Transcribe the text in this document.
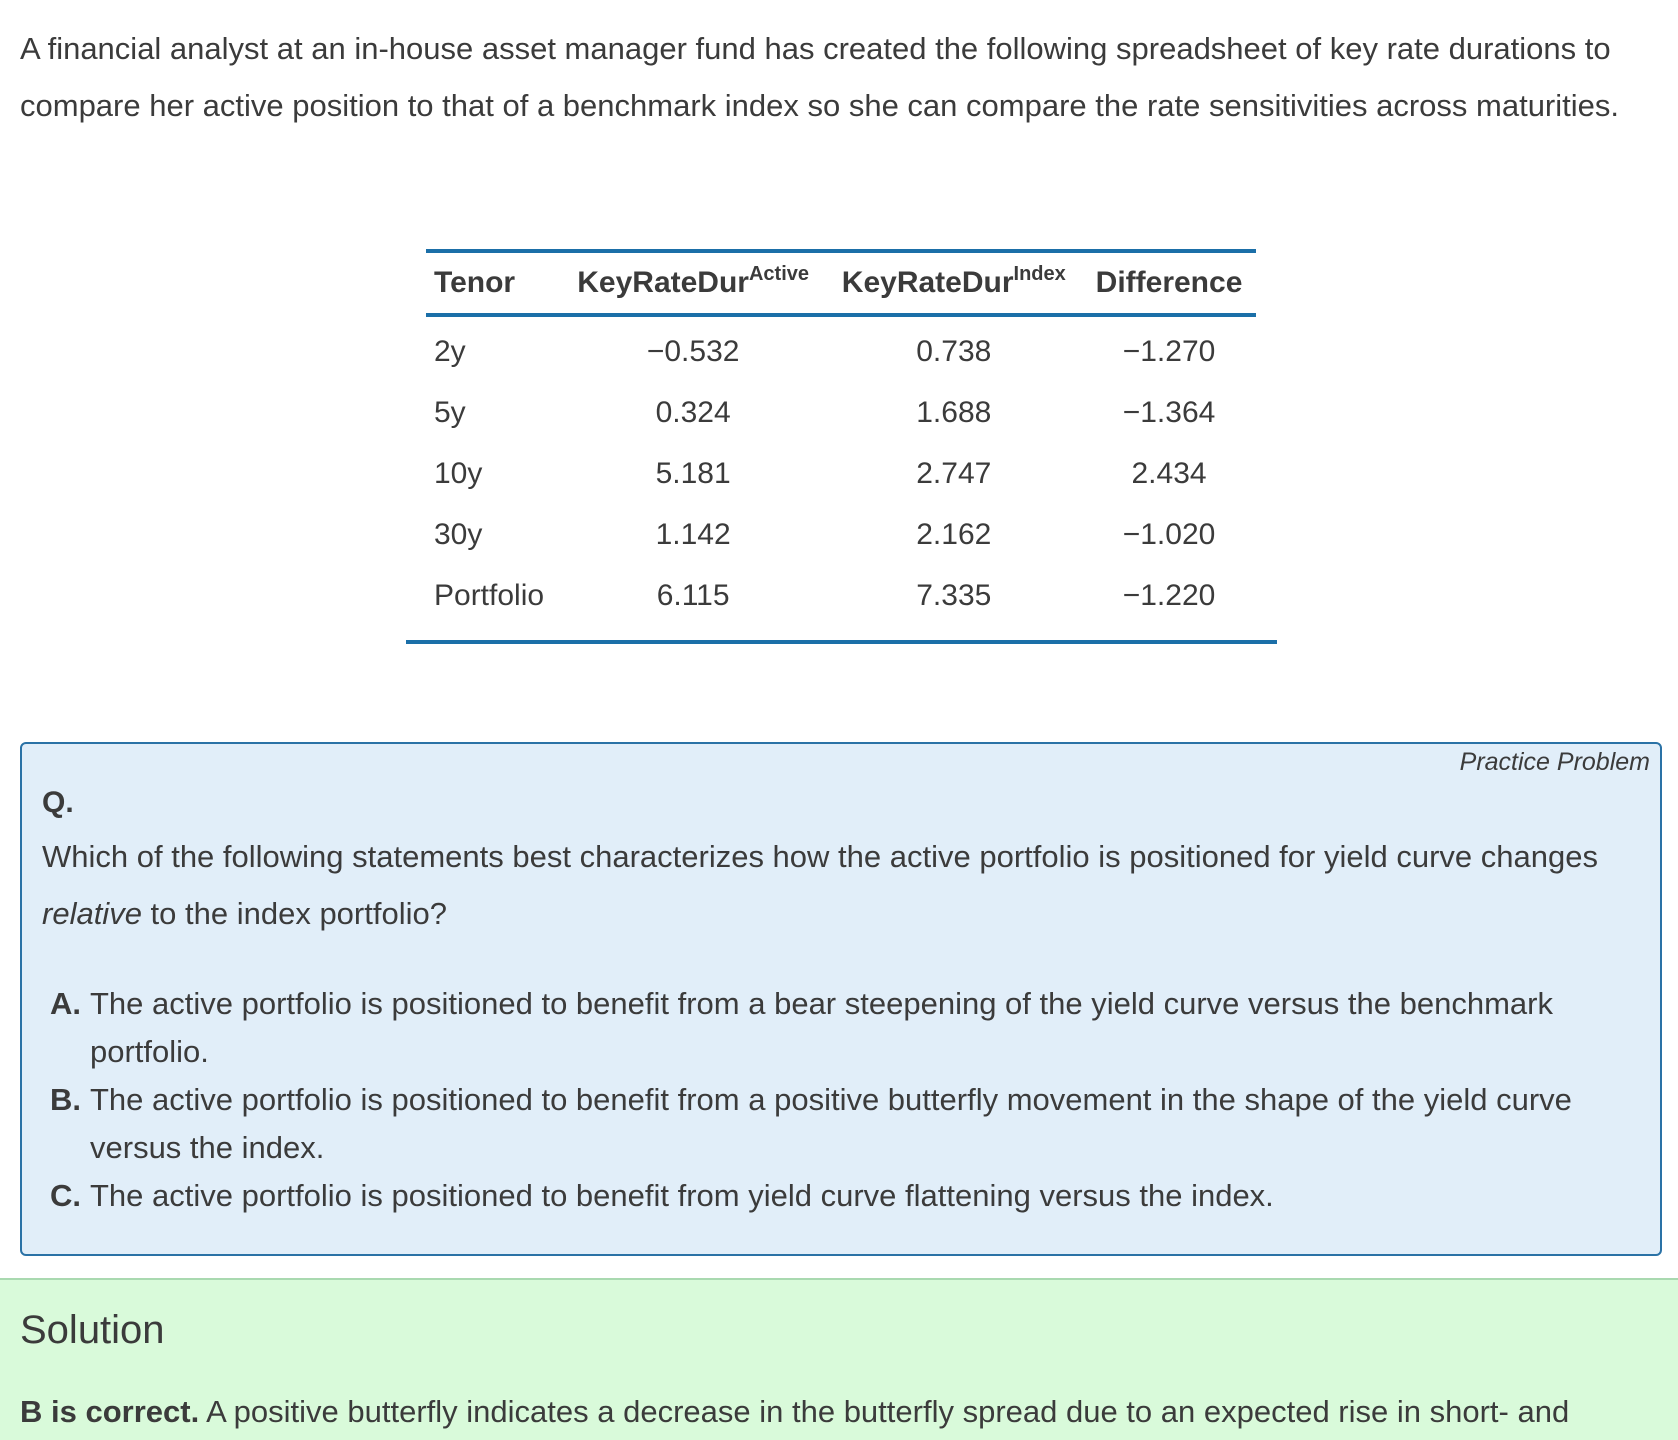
A financial analyst at an in-house asset manager fund has created the following spreadsheet of key rate durations to compare her active position to that of a benchmark index so she can compare the rate sensitivities across maturities.

Tenor	KeyRateDur$^{Active}$	KeyRateDur$^{Index}$	Difference
2y	−0.532	0.738	−1.270
5y	0.324	1.688	−1.364
10y	5.181	2.747	2.434
30y	1.142	2.162	−1.020
Portfolio	6.115	7.335	−1.220
Practice Problem
Q.

Which of the following statements best characterizes how the active portfolio is positioned for yield curve changes relative to the index portfolio?

A. The active portfolio is positioned to benefit from a bear steepening of the yield curve versus the benchmark portfolio.
B. The active portfolio is positioned to benefit from a positive butterfly movement in the shape of the yield curve versus the index.
C. The active portfolio is positioned to benefit from yield curve flattening versus the index.
Solution

B is correct. A positive butterfly indicates a decrease in the butterfly spread due to an expected rise in short- and
